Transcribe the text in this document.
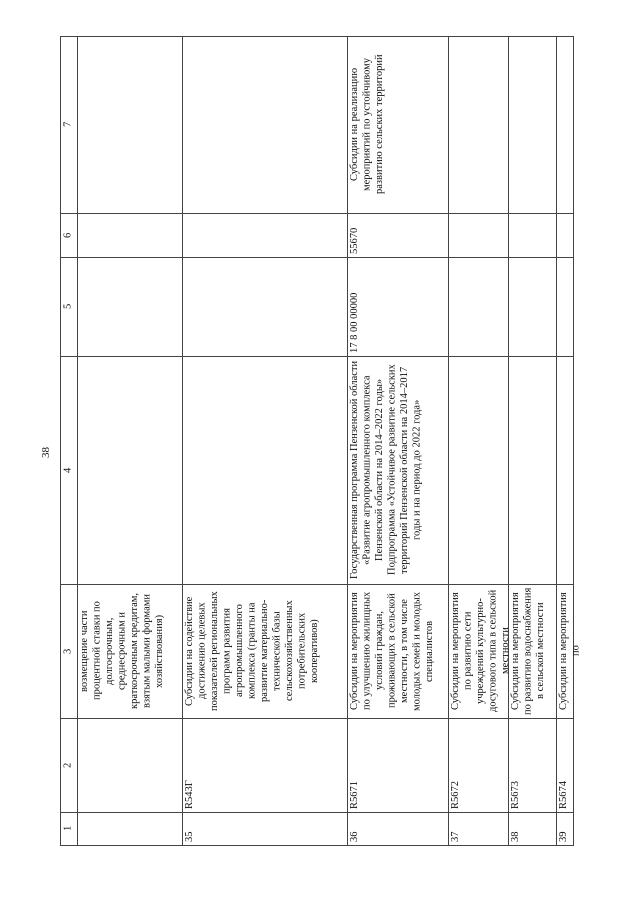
38
1
2
3
4
5
6
7
возмещение части процентной ставки по долгосрочным, среднесрочным и краткосрочным кредитам, взятым малыми формами хозяйствования)
35
R543Г
Субсидии на содействие достижению целевых показателей региональных программ развития агропромышленного комплекса (гранты на развитие материально-технической базы сельскохозяйственных потребительских кооперативов)
36
R5671
Субсидии на мероприятия по улучшению жилищных условий граждан, проживающих в сельской местности, в том числе молодых семей и молодых специалистов
Государственная программа Пензенской области «Развитие агропромышленного комплекса Пензенской области на 2014–2022 годы» Подпрограмма «Устойчивое развитие сельских территорий Пензенской области на 2014–2017 годы и на период до 2022 года»
17 8 00 00000
55670
Субсидии на реализацию мероприятий по устойчивому развитию сельских территорий
37
R5672
Субсидии на мероприятия по развитию сети учреждений культурно-досугового типа в сельской местности
38
R5673
Субсидии на мероприятия по развитию водоснабжения в сельской местности
39
R5674
Субсидии на мероприятия по
